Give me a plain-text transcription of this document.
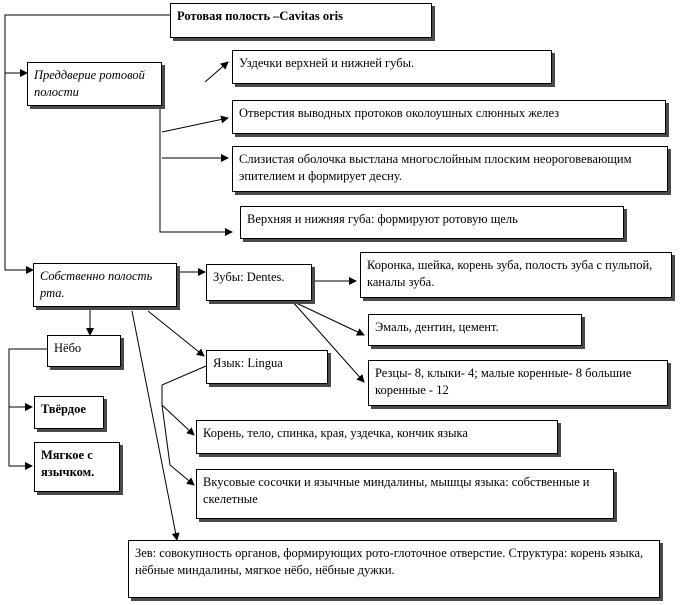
Ротовая полость –Cavitas oris
Преддверие ротовой полости
Уздечки верхней и нижней губы.
Отверстия выводных протоков околоушных слюнных желез
Слизистая оболочка выстлана многослойным плоским неороговевающим эпителием и формирует десну.
Верхняя и нижняя губа: формируют ротовую щель
Собственно полость рта.
Зубы: Dentes.
Коронка, шейка, корень зуба, полость зуба с пульпой, каналы зуба.
Эмаль, дентин, цемент.
Резцы- 8, клыки- 4; малые коренные- 8 большие коренные - 12
Нёбо
Твёрдое
Мягкое с язычком.
Язык: Lingua
Корень, тело, спинка, края, уздечка, кончик языка
Вкусовые сосочки и язычные миндалины, мышцы языка: собственные и скелетные
Зев: совокупность органов, формирующих рото-глоточное отверстие. Структура: корень языка, нёбные миндалины, мягкое нёбо, нёбные дужки.
